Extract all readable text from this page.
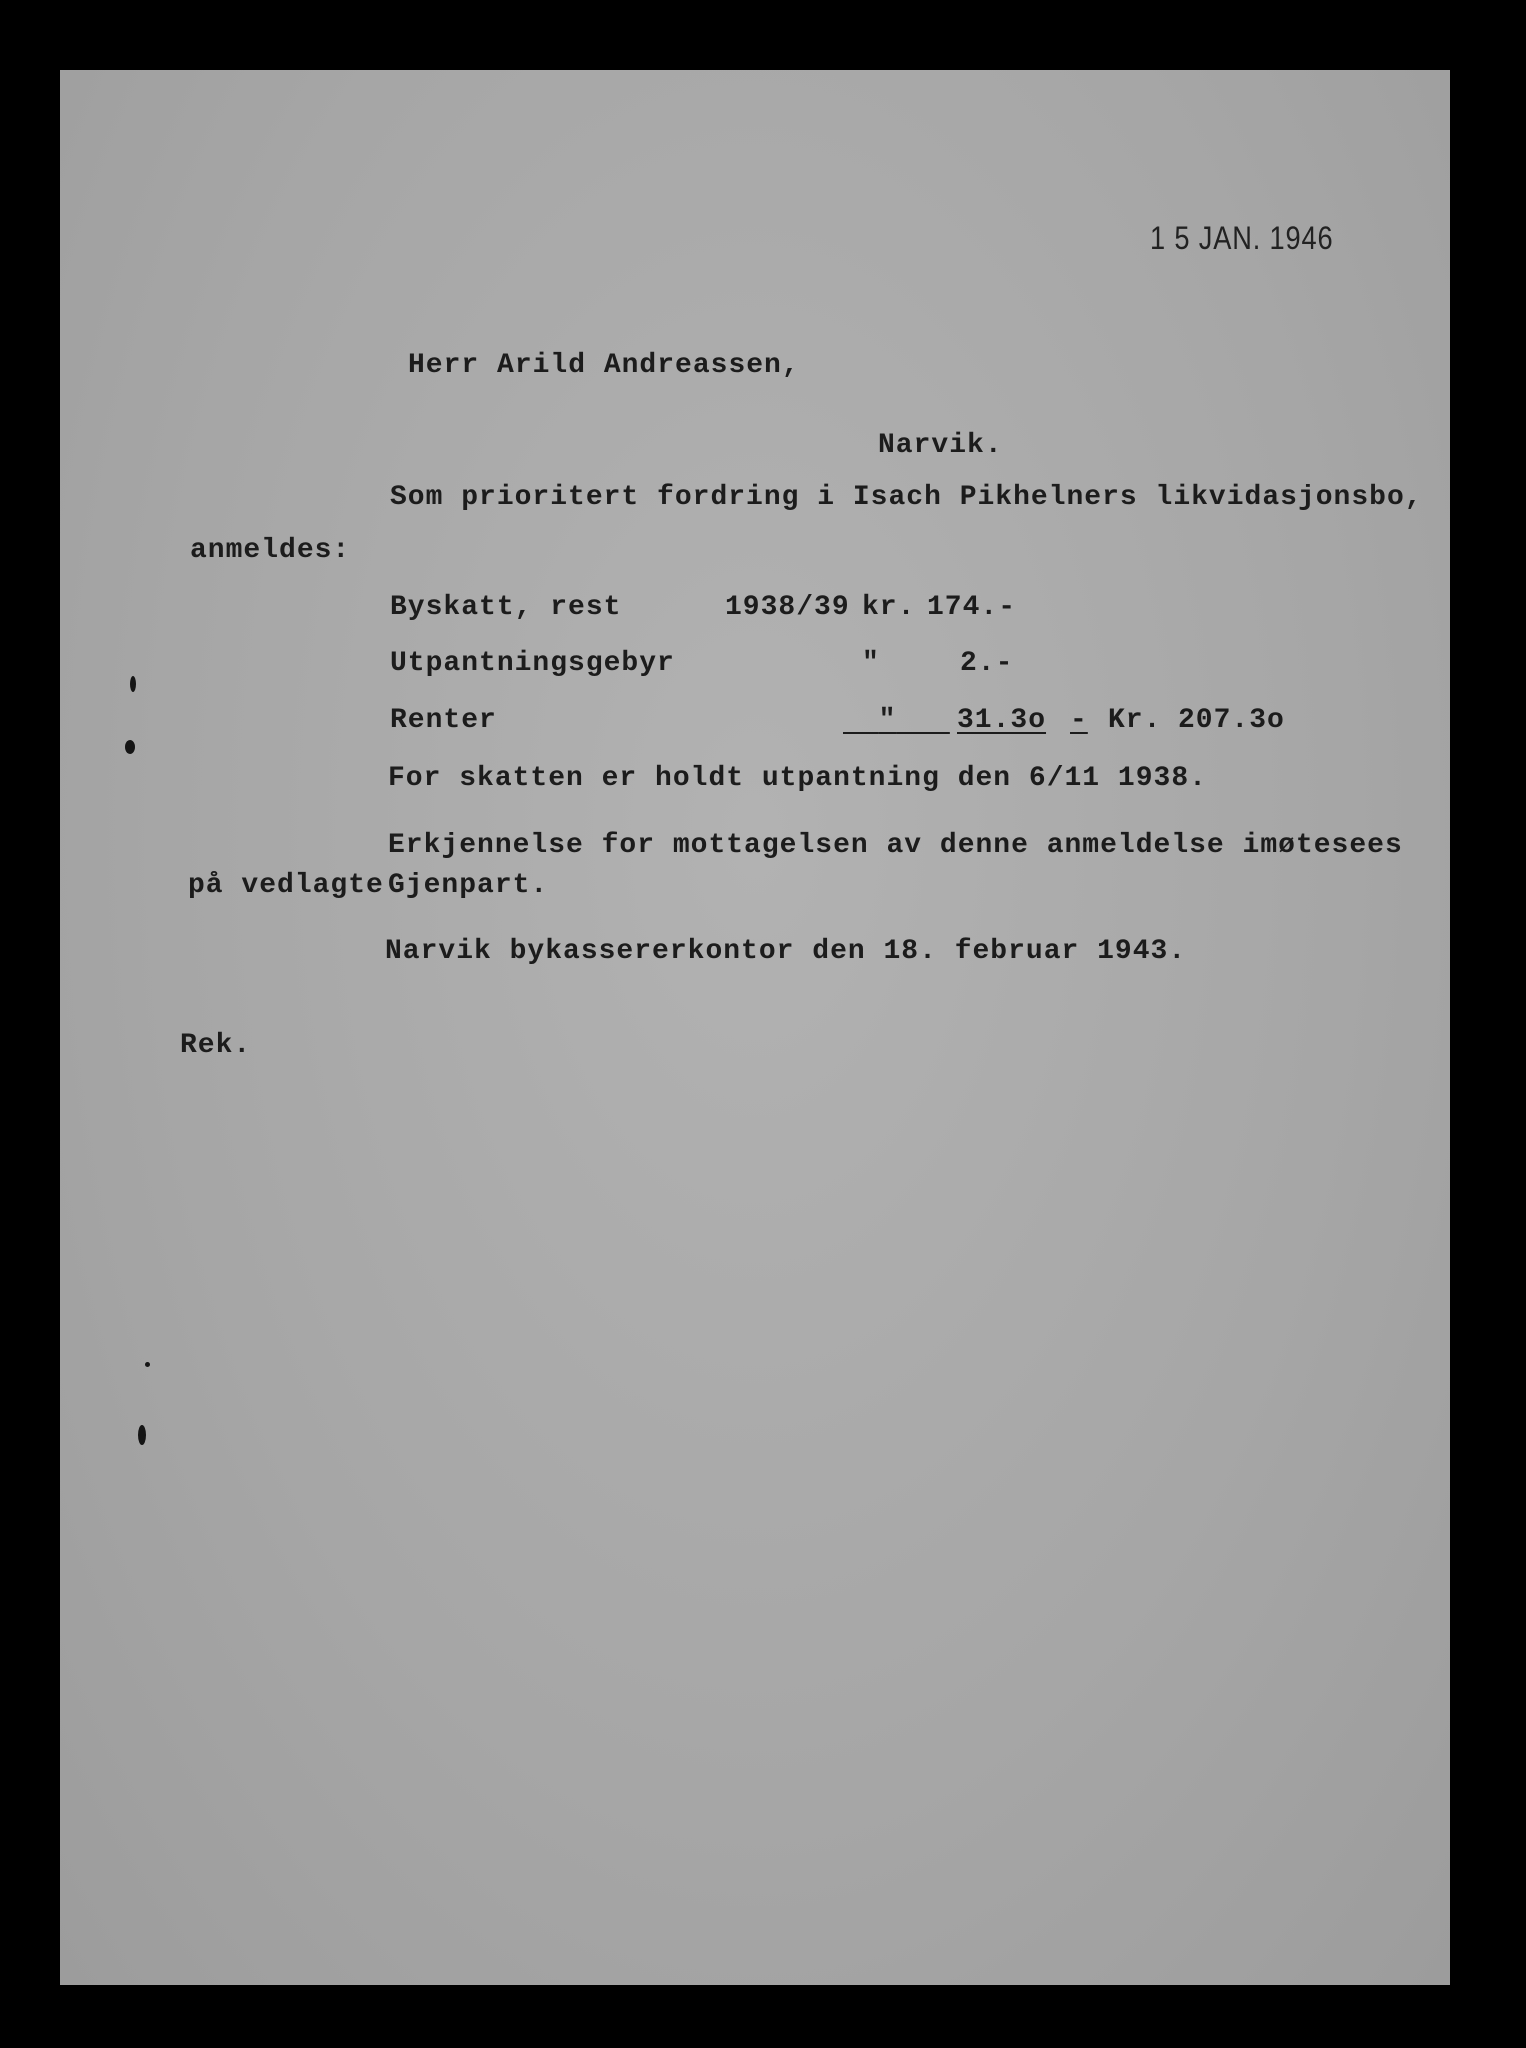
1 5 JAN. 1946
Herr Arild Andreassen,
Narvik.
Som prioritert fordring i Isach Pikhelners likvidasjonsbo,
anmeldes:
Byskatt, rest	1938/39 kr. 174.-
Utpantningsgebyr	"	2.-
Renter	"	31.3o - Kr. 207.3o
For skatten er holdt utpantning den 6/11 1938.
Erkjennelse for mottagelsen av denne anmeldelse imøtesees
på vedlagte Gjenpart.
Narvik bykassererkontor den 18. februar 1943.
Rek.
